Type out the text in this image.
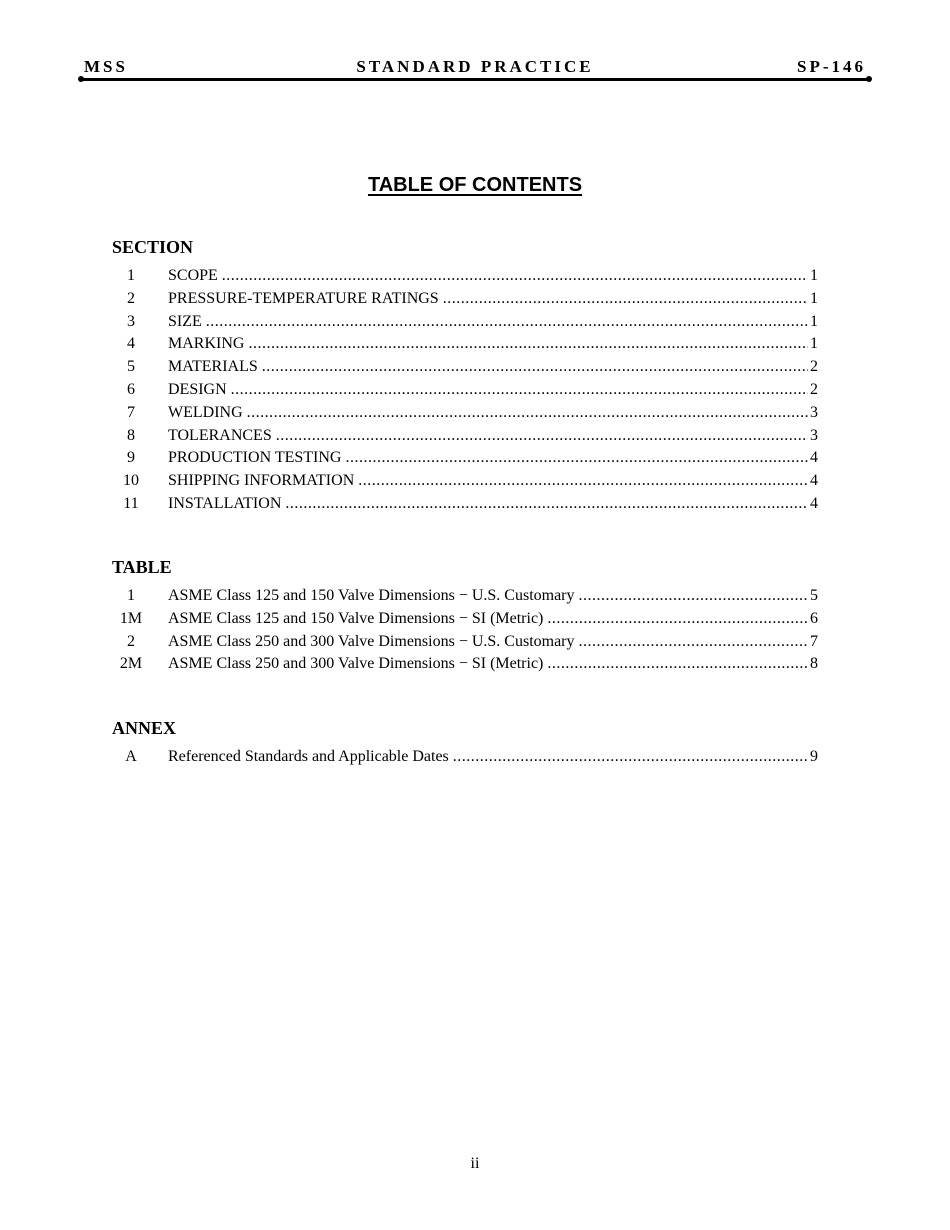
MSS	STANDARD PRACTICE	SP-146
TABLE OF CONTENTS
SECTION
1	SCOPE .....	1
2	PRESSURE-TEMPERATURE RATINGS .....	1
3	SIZE .....	1
4	MARKING .....	1
5	MATERIALS .....	2
6	DESIGN .....	2
7	WELDING .....	3
8	TOLERANCES .....	3
9	PRODUCTION TESTING .....	4
10	SHIPPING INFORMATION .....	4
11	INSTALLATION .....	4
TABLE
1	ASME Class 125 and 150 Valve Dimensions − U.S. Customary .....	5
1M	ASME Class 125 and 150 Valve Dimensions − SI (Metric) .....	6
2	ASME Class 250 and 300 Valve Dimensions − U.S. Customary .....	7
2M	ASME Class 250 and 300 Valve Dimensions − SI (Metric) .....	8
ANNEX
A	Referenced Standards and Applicable Dates .....	9
ii
